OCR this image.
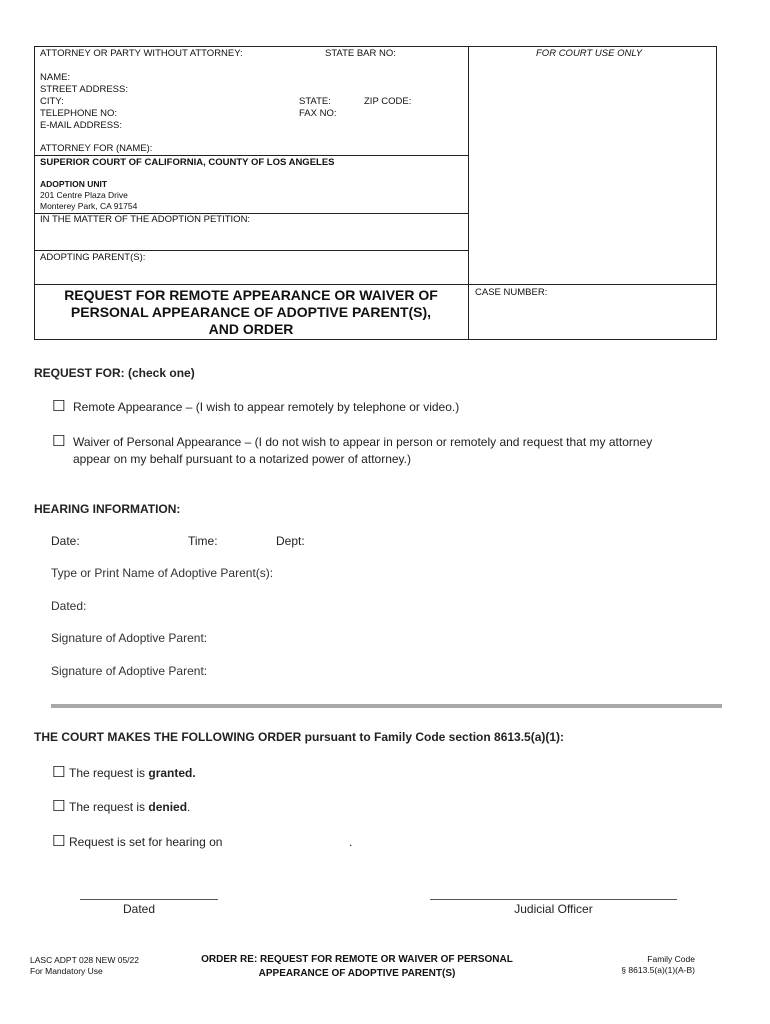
ATTORNEY OR PARTY WITHOUT ATTORNEY:	STATE BAR NO:	FOR COURT USE ONLY
NAME:
STREET ADDRESS:
CITY:	STATE:	ZIP CODE:
TELEPHONE NO:	FAX NO:
E-MAIL ADDRESS:
ATTORNEY FOR (NAME):
SUPERIOR COURT OF CALIFORNIA, COUNTY OF LOS ANGELES
ADOPTION UNIT
201 Centre Plaza Drive
Monterey Park, CA 91754
IN THE MATTER OF THE ADOPTION PETITION:
ADOPTING PARENT(S):
REQUEST FOR REMOTE APPEARANCE OR WAIVER OF
PERSONAL APPEARANCE OF ADOPTIVE PARENT(S),
AND ORDER
CASE NUMBER:
REQUEST FOR: (check one)
☐ Remote Appearance – (I wish to appear remotely by telephone or video.)
☐ Waiver of Personal Appearance – (I do not wish to appear in person or remotely and request that my attorney
appear on my behalf pursuant to a notarized power of attorney.)
HEARING INFORMATION:
Date:	Time:	Dept:
Type or Print Name of Adoptive Parent(s):
Dated:
Signature of Adoptive Parent:
Signature of Adoptive Parent:
THE COURT MAKES THE FOLLOWING ORDER pursuant to Family Code section 8613.5(a)(1):
☐ The request is granted.
☐ The request is denied.
☐ Request is set for hearing on	.
Dated	Judicial Officer
LASC ADPT 028 NEW 05/22
For Mandatory Use
ORDER RE: REQUEST FOR REMOTE OR WAIVER OF PERSONAL
APPEARANCE OF ADOPTIVE PARENT(S)
Family Code
§ 8613.5(a)(1)(A-B)
